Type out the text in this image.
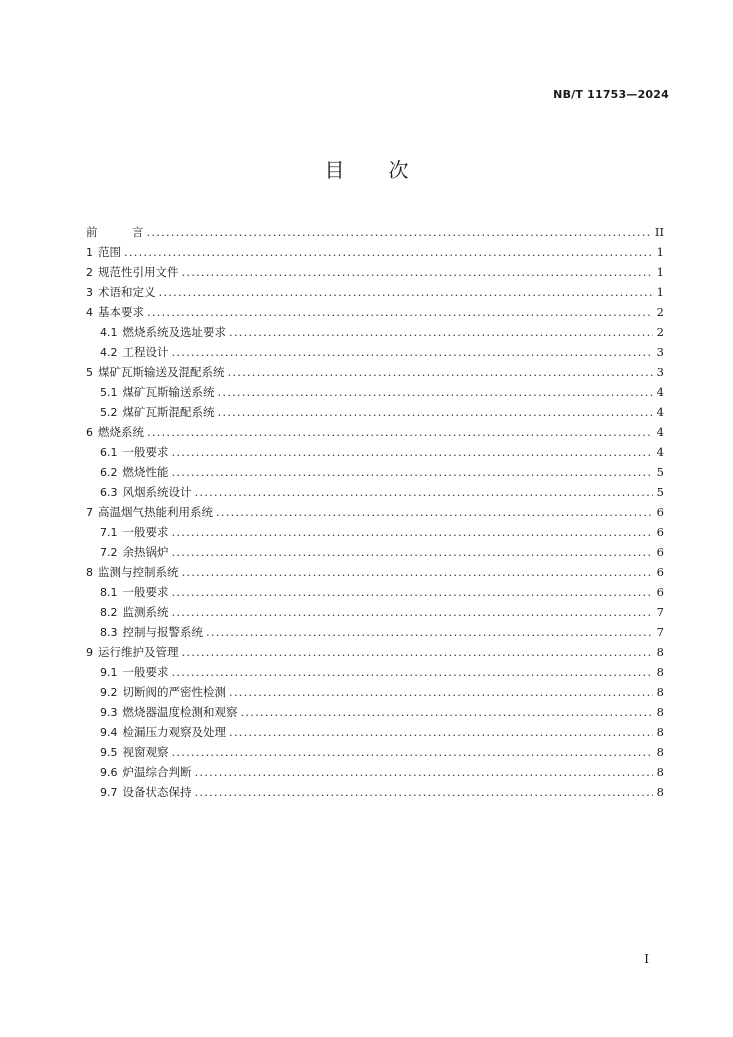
NB/T 11753—2024
目次
前　　　言 .....	II
1 范围 .....	1
2 规范性引用文件 .....	1
3 术语和定义 .....	1
4 基本要求 .....	2
4.1 燃烧系统及选址要求 .....	2
4.2 工程设计 .....	3
5 煤矿瓦斯输送及混配系统 .....	3
5.1 煤矿瓦斯输送系统 .....	4
5.2 煤矿瓦斯混配系统 .....	4
6 燃烧系统 .....	4
6.1 一般要求 .....	4
6.2 燃烧性能 .....	5
6.3 风烟系统设计 .....	5
7 高温烟气热能利用系统 .....	6
7.1 一般要求 .....	6
7.2 余热锅炉 .....	6
8 监测与控制系统 .....	6
8.1 一般要求 .....	6
8.2 监测系统 .....	7
8.3 控制与报警系统 .....	7
9 运行维护及管理 .....	8
9.1 一般要求 .....	8
9.2 切断阀的严密性检测 .....	8
9.3 燃烧器温度检测和观察 .....	8
9.4 检漏压力观察及处理 .....	8
9.5 视窗观察 .....	8
9.6 炉温综合判断 .....	8
9.7 设备状态保持 .....	8
I
